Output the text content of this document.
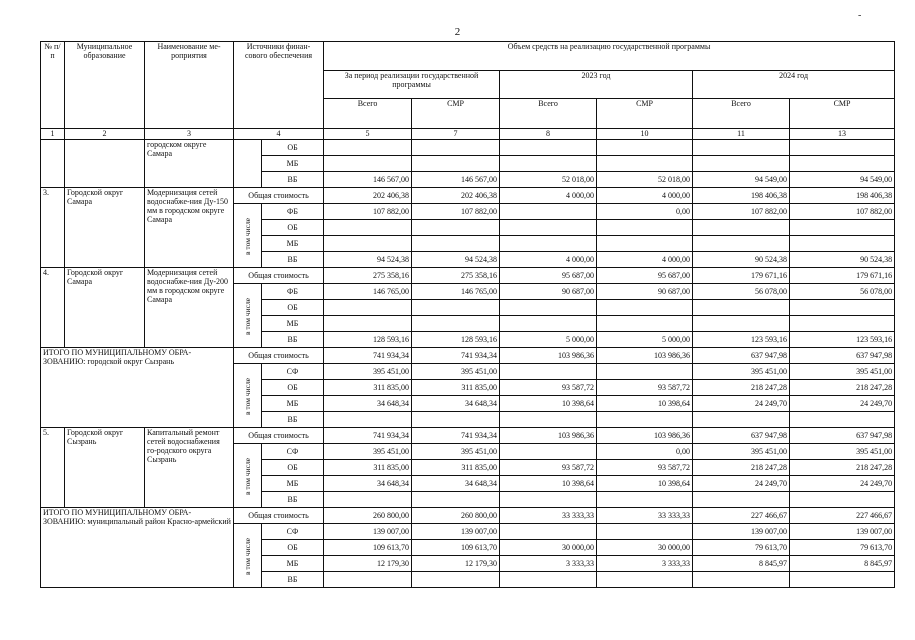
2
-
№ п/п	Муниципальное образование	Наименование ме-роприятия	Источники финан-сового обеспечения		Объем средств на реализацию государственной программы					
					За период реализации государственной программы		2023 год		2024 год	
					Всего	СМР	Всего	СМР	Всего	СМР
1	2	3	4		5	7	8	10	11	13
		городском округе Самара		ОБ						
				МБ						
				ВБ	146 567,00	146 567,00	52 018,00	52 018,00	94 549,00	94 549,00
3.	Городской округ Самара	Модернизация сетей водоснабже-ния Ду-150 мм в городском округе Самара	Общая стоимость		202 406,38	202 406,38	4 000,00	4 000,00	198 406,38	198 406,38
			в том числе	ФБ	107 882,00	107 882,00		0,00	107 882,00	107 882,00
				ОБ						
				МБ						
				ВБ	94 524,38	94 524,38	4 000,00	4 000,00	90 524,38	90 524,38
4.	Городской округ Самара	Модернизация сетей водоснабже-ния Ду-200 мм в городском округе Самара	Общая стоимость		275 358,16	275 358,16	95 687,00	95 687,00	179 671,16	179 671,16
			в том числе	ФБ	146 765,00	146 765,00	90 687,00	90 687,00	56 078,00	56 078,00
				ОБ						
				МБ						
				ВБ	128 593,16	128 593,16	5 000,00	5 000,00	123 593,16	123 593,16
ИТОГО ПО МУНИЦИПАЛЬНОМУ ОБРА-ЗОВАНИЮ: городской округ Сызрань			Общая стоимость		741 934,34	741 934,34	103 986,36	103 986,36	637 947,98	637 947,98
			в том числе	СФ	395 451,00	395 451,00			395 451,00	395 451,00
				ОБ	311 835,00	311 835,00	93 587,72	93 587,72	218 247,28	218 247,28
				МБ	34 648,34	34 648,34	10 398,64	10 398,64	24 249,70	24 249,70
				ВБ						
5.	Городской округ Сызрань	Капитальный ремонт сетей водоснабжения го-родского округа Сызрань	Общая стоимость		741 934,34	741 934,34	103 986,36	103 986,36	637 947,98	637 947,98
			в том числе	СФ	395 451,00	395 451,00		0,00	395 451,00	395 451,00
				ОБ	311 835,00	311 835,00	93 587,72	93 587,72	218 247,28	218 247,28
				МБ	34 648,34	34 648,34	10 398,64	10 398,64	24 249,70	24 249,70
				ВБ						
ИТОГО ПО МУНИЦИПАЛЬНОМУ ОБРА-ЗОВАНИЮ: муниципальный район Красно-армейский			Общая стоимость		260 800,00	260 800,00	33 333,33	33 333,33	227 466,67	227 466,67
			в том числе	СФ	139 007,00	139 007,00			139 007,00	139 007,00
				ОБ	109 613,70	109 613,70	30 000,00	30 000,00	79 613,70	79 613,70
				МБ	12 179,30	12 179,30	3 333,33	3 333,33	8 845,97	8 845,97
				ВБ						
